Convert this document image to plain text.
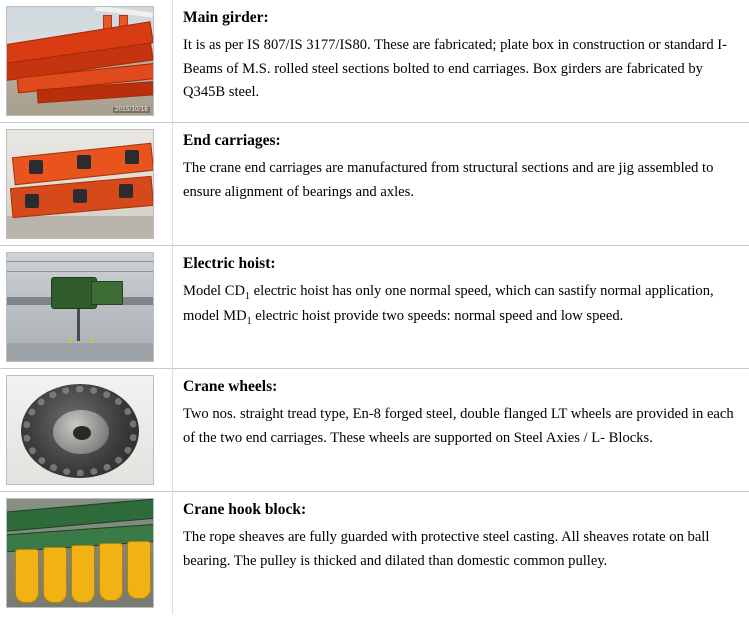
2015/10/16	Main girder:

It is as per IS 807/IS 3177/IS80. These are fabricated; plate box in construction or standard I-Beams of M.S. rolled steel sections bolted to end carriages. Box girders are fabricated by Q345B steel.

	End carriages:

The crane end carriages are manufactured from structural sections and are jig assembled to ensure alignment of bearings and axles.

	Electric hoist:

Model $CD_1$ electric hoist has only one normal speed, which can sastify normal application, model $MD_1$ electric hoist provide two speeds: normal speed and low speed.

	Crane wheels:

Two nos. straight tread type, En-8 forged steel, double flanged LT wheels are provided in each of the two end carriages. These wheels are supported on Steel Axies / L- Blocks.

	Crane hook block:

The rope sheaves are fully guarded with protective steel casting. All sheaves rotate on ball bearing. The pulley is thicked and dilated than domestic common pulley.
